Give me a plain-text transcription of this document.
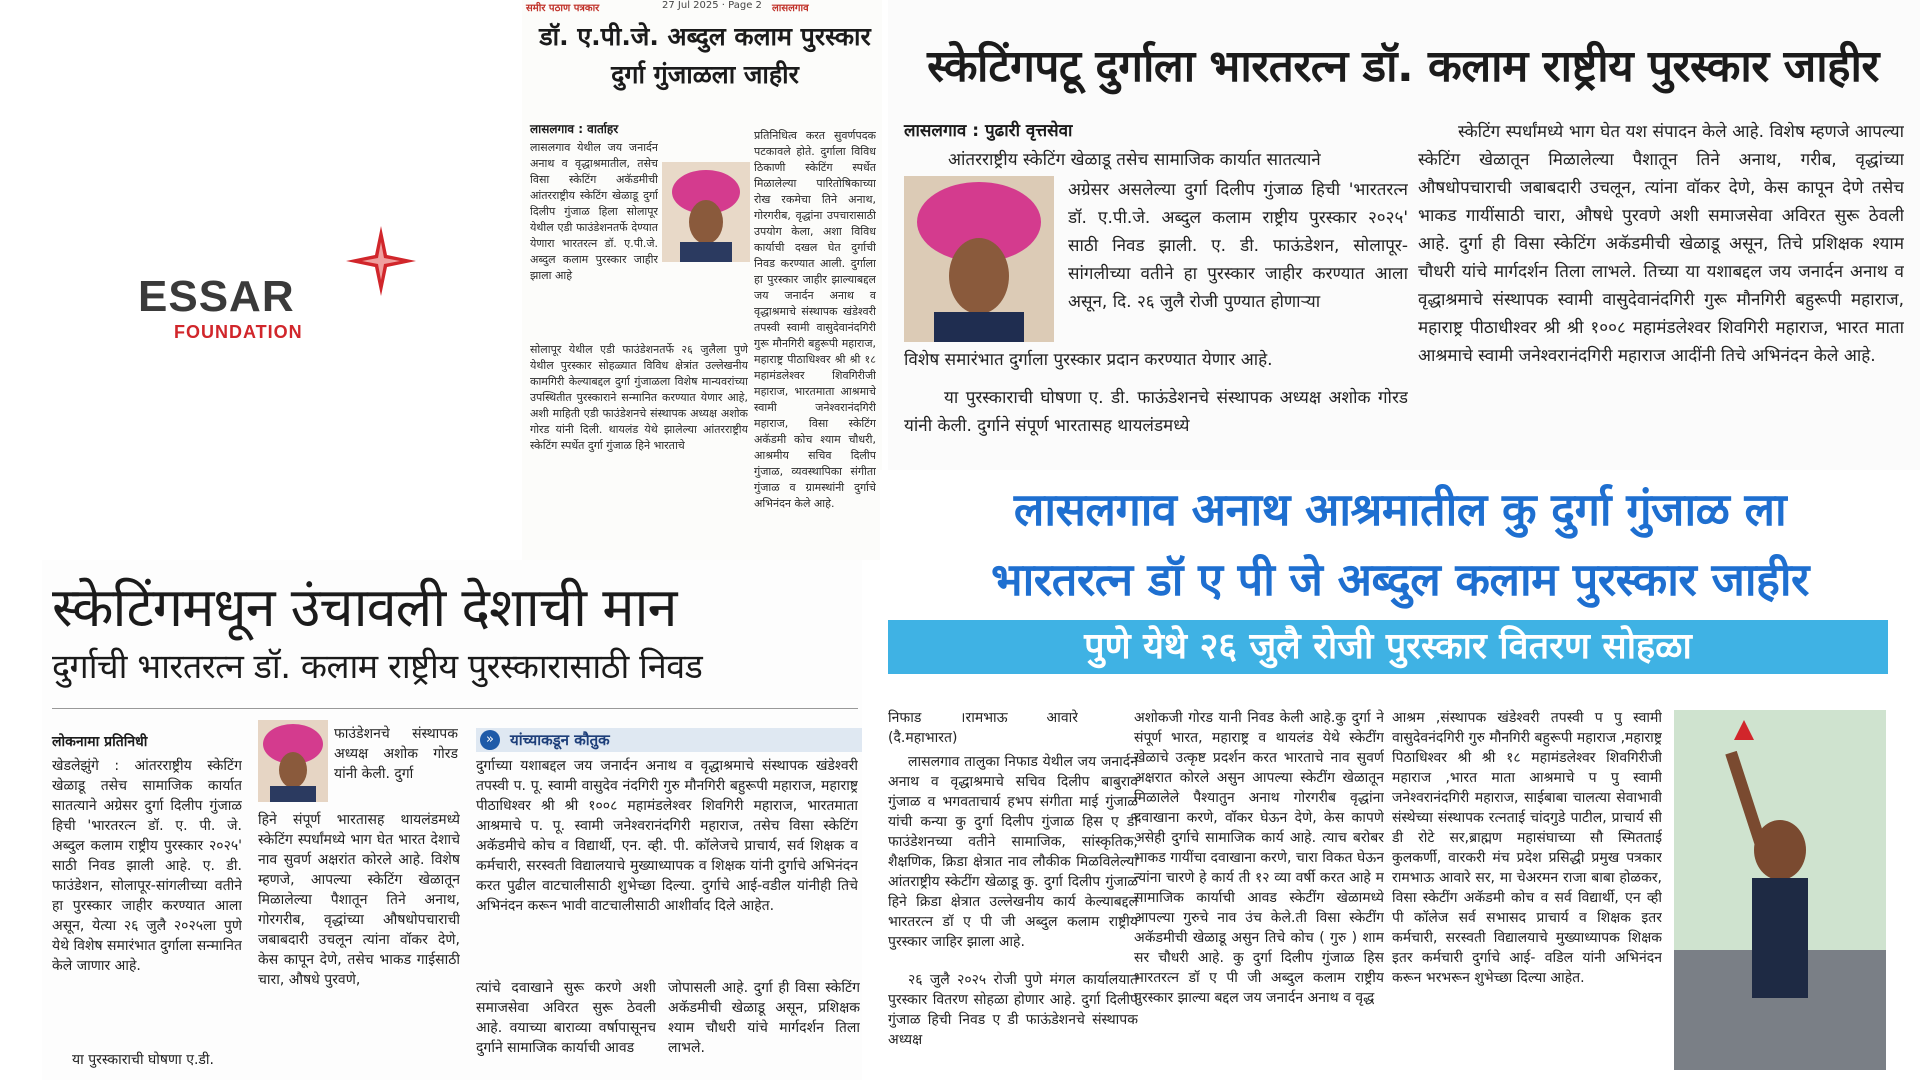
समीर पठाण पत्रकार	27 Jul 2025 · Page 2 लासलगाव
डॉ. ए.पी.जे. अब्दुल कलाम पुरस्कार दुर्गा गुंजाळला जाहीर
लासलगाव : वार्ताहर
लासलगाव येथील जय जनार्दन अनाथ व वृद्धाश्रमातील, तसेच विसा स्केटिंग अकॅडमीची आंतरराष्ट्रीय स्केटिंग खेळाडू दुर्गा दिलीप गुंजाळ हिला सोलापूर येथील एडी फाउंडेशनतर्फे देण्यात येणारा भारतरत्न डॉ. ए.पी.जे. अब्दुल कलाम पुरस्कार जाहीर झाला आहे
सोलापूर येथील एडी फाउंडेशनतर्फे २६ जुलैला पुणे येथील पुरस्कार सोहळ्यात विविध क्षेत्रांत उल्लेखनीय कामगिरी केल्याबद्दल दुर्गा गुंजाळला विशेष मान्यवरांच्या उपस्थितीत पुरस्काराने सन्मानित करण्यात येणार आहे, अशी माहिती एडी फाउंडेशनचे संस्थापक अध्यक्ष अशोक गोरड यांनी दिली. थायलंड येथे झालेल्या आंतरराष्ट्रीय स्केटिंग स्पर्धेत दुर्गा गुंजाळ हिने भारताचे
प्रतिनिधित्व करत सुवर्णपदक पटकावले होते. दुर्गाला विविध ठिकाणी स्केटिंग स्पर्धेत मिळालेल्या पारितोषिकाच्या रोख रकमेचा तिने अनाथ, गोरगरीब, वृद्धांना उपचारासाठी उपयोग केला, अशा विविध कार्याची दखल घेत दुर्गाची निवड करण्यात आली. दुर्गाला हा पुरस्कार जाहीर झाल्याबद्दल जय जनार्दन अनाथ व वृद्धाश्रमाचे संस्थापक खंडेश्वरी तपस्वी स्वामी वासुदेवानंदगिरी गुरू मौनगिरी बहुरूपी महाराज, महाराष्ट्र पीठाधिश्वर श्री श्री १८ महामंडलेश्वर शिवगिरीजी महाराज, भारतमाता आश्रमाचे स्वामी जनेश्वरानंदगिरी महाराज, विसा स्केटिंग अकॅडमी कोच श्याम चौधरी, आश्रमीय सचिव दिलीप गुंजाळ, व्यवस्थापिका संगीता गुंजाळ व ग्रामस्थांनी दुर्गाचे अभिनंदन केले आहे.
ESSAR
FOUNDATION
स्केटिंगपटू दुर्गाला भारतरत्न डॉ. कलाम राष्ट्रीय पुरस्कार जाहीर
लासलगाव : पुढारी वृत्तसेवा
आंतरराष्ट्रीय स्केटिंग खेळाडू तसेच सामाजिक कार्यात सातत्याने
अग्रेसर असलेल्या दुर्गा दिलीप गुंजाळ हिची 'भारतरत्न डॉ. ए.पी.जे. अब्दुल कलाम राष्ट्रीय पुरस्कार २०२५' साठी निवड झाली. ए. डी. फाऊंडेशन, सोलापूर-सांगलीच्या वतीने हा पुरस्कार जाहीर करण्यात आला असून, दि. २६ जुलै रोजी पुण्यात होणाऱ्या
विशेष समारंभात दुर्गाला पुरस्कार प्रदान करण्यात येणार आहे.
या पुरस्काराची घोषणा ए. डी. फाऊंडेशनचे संस्थापक अध्यक्ष अशोक गोरड यांनी केली. दुर्गाने संपूर्ण भारतासह थायलंडमध्ये
स्केटिंग स्पर्धांमध्ये भाग घेत यश संपादन केले आहे. विशेष म्हणजे आपल्या स्केटिंग खेळातून मिळालेल्या पैशातून तिने अनाथ, गरीब, वृद्धांच्या औषधोपचाराची जबाबदारी उचलून, त्यांना वॉकर देणे, केस कापून देणे तसेच भाकड गायींसाठी चारा, औषधे पुरवणे अशी समाजसेवा अविरत सुरू ठेवली आहे. दुर्गा ही विसा स्केटिंग अकॅडमीची खेळाडू असून, तिचे प्रशिक्षक श्याम चौधरी यांचे मार्गदर्शन तिला लाभले. तिच्या या यशाबद्दल जय जनार्दन अनाथ व वृद्धाश्रमाचे संस्थापक स्वामी वासुदेवानंदगिरी गुरू मौनगिरी बहुरूपी महाराज, महाराष्ट्र पीठाधीश्वर श्री श्री १००८ महामंडलेश्वर शिवगिरी महाराज, भारत माता आश्रमाचे स्वामी जनेश्वरानंदगिरी महाराज आदींनी तिचे अभिनंदन केले आहे.
स्केटिंगमधून उंचावली देशाची मान
दुर्गाची भारतरत्न डॉ. कलाम राष्ट्रीय पुरस्कारासाठी निवड
लोकनामा प्रतिनिधी
खेडलेझुंगे : आंतरराष्ट्रीय स्केटिंग खेळाडू तसेच सामाजिक कार्यात सातत्याने अग्रेसर दुर्गा दिलीप गुंजाळ हिची 'भारतरत्न डॉ. ए. पी. जे. अब्दुल कलाम राष्ट्रीय पुरस्कार २०२५' साठी निवड झाली आहे. ए. डी. फाउंडेशन, सोलापूर-सांगलीच्या वतीने हा पुरस्कार जाहीर करण्यात आला असून, येत्या २६ जुलै २०२५ला पुणे येथे विशेष समारंभात दुर्गाला सन्मानित केले जाणार आहे.
या पुरस्काराची घोषणा ए.डी.
फाउंडेशनचे संस्थापक अध्यक्ष अशोक गोरड यांनी केली. दुर्गा
हिने संपूर्ण भारतासह थायलंडमध्ये स्केटिंग स्पर्धांमध्ये भाग घेत भारत देशाचे नाव सुवर्ण अक्षरांत कोरले आहे. विशेष म्हणजे, आपल्या स्केटिंग खेळातून मिळालेल्या पैशातून तिने अनाथ, गोरगरीब, वृद्धांच्या औषधोपचाराची जबाबदारी उचलून त्यांना वॉकर देणे, केस कापून देणे, तसेच भाकड गाईसाठी चारा, औषधे पुरवणे,
»	यांच्याकडून कौतुक
दुर्गाच्या यशाबद्दल जय जनार्दन अनाथ व वृद्धाश्रमाचे संस्थापक खंडेश्वरी तपस्वी प. पू. स्वामी वासुदेव नंदगिरी गुरु मौनगिरी बहुरूपी महाराज, महाराष्ट्र पीठाधिश्वर श्री श्री १००८ महामंडलेश्वर शिवगिरी महाराज, भारतमाता आश्रमाचे प. पू. स्वामी जनेश्वरानंदगिरी महाराज, तसेच विसा स्केटिंग अकॅडमीचे कोच व विद्यार्थी, एन. व्ही. पी. कॉलेजचे प्राचार्य, सर्व शिक्षक व कर्मचारी, सरस्वती विद्यालयाचे मुख्याध्यापक व शिक्षक यांनी दुर्गाचे अभिनंदन करत पुढील वाटचालीसाठी शुभेच्छा दिल्या. दुर्गाचे आई-वडील यांनीही तिचे अभिनंदन करून भावी वाटचालीसाठी आशीर्वाद दिले आहेत.
त्यांचे दवाखाने सुरू करणे अशी समाजसेवा अविरत सुरू ठेवली आहे. वयाच्या बाराव्या वर्षापासूनच दुर्गाने सामाजिक कार्याची आवड
जोपासली आहे. दुर्गा ही विसा स्केटिंग अकॅडमीची खेळाडू असून, प्रशिक्षक श्याम चौधरी यांचे मार्गदर्शन तिला लाभले.
लासलगाव अनाथ आश्रमातील कु दुर्गा गुंजाळ ला
भारतरत्न डॉ ए पी जे अब्दुल कलाम पुरस्कार जाहीर
पुणे येथे २६ जुलै रोजी पुरस्कार वितरण सोहळा
निफाड ।रामभाऊ आवारे (दै.महाभारत)
लासलगाव तालुका निफाड येथील जय जनार्दन अनाथ व वृद्धाश्रमाचे सचिव दिलीप बाबुराव गुंजाळ व भगवताचार्य हभप संगीता माई गुंजाळ यांची कन्या कु दुर्गा दिलीप गुंजाळ हिस ए डी फाउंडेशनच्या वतीने सामाजिक, सांस्कृतिक, शैक्षणिक, क्रिडा क्षेत्रात नाव लौकीक मिळविलेल्या आंतराष्ट्रीय स्केटींग खेळाडू कु. दुर्गा दिलीप गुंजाळ हिने क्रिडा क्षेत्रात उल्लेखनीय कार्य केल्याबद्दल भारतरत्न डॉ ए पी जी अब्दुल कलाम राष्ट्रीय पुरस्कार जाहिर झाला आहे.
२६ जुलै २०२५ रोजी पुणे मंगल कार्यालयात पुरस्कार वितरण सोहळा होणार आहे. दुर्गा दिलीप गुंजाळ हिची निवड ए डी फाऊंडेशनचे संस्थापक अध्यक्ष
अशोकजी गोरड यानी निवड केली आहे.कु दुर्गा ने संपूर्ण भारत, महाराष्ट्र व थायलंड येथे स्केटींग खेळाचे उत्कृष्ट प्रदर्शन करत भारताचे नाव सुवर्ण अक्षरात कोरले असुन आपल्या स्केटींग खेळातून मिळालेले पैश्यातुन अनाथ गोरगरीब वृद्धांना दवाखाना करणे, वॉकर घेऊन देणे, केस कापणे असेही दुर्गाचे सामाजिक कार्य आहे. त्याच बरोबर भाकड गायींचा दवाखाना करणे, चारा विकत घेऊन त्यांना चारणे हे कार्य ती १२ व्या वर्षी करत आहे म सामाजिक कार्याची आवड स्केटींग खेळामध्ये आपल्या गुरुचे नाव उंच केले.ती विसा स्केटींग अकॅडमीची खेळाडू असुन तिचे कोच ( गुरु ) शाम सर चौधरी आहे. कु दुर्गा दिलीप गुंजाळ हिस भारतरत्न डॉ ए पी जी अब्दुल कलाम राष्ट्रीय पुरस्कार झाल्या बद्दल जय जनार्दन अनाथ व वृद्ध
आश्रम ,संस्थापक खंडेश्वरी तपस्वी प पु स्वामी वासुदेवनंदगिरी गुरु मौनगिरी बहुरूपी महाराज ,महाराष्ट्र पिठाधिश्वर श्री श्री १८ महामंडलेश्वर शिवगिरीजी महाराज ,भारत माता आश्रमाचे प पु स्वामी जनेश्वरानंदगिरी महाराज, साईबाबा चालत्या सेवाभावी संस्थेच्या संस्थापक रत्नताई चांदगुडे पाटील, प्राचार्य सी डी रोटे सर,ब्राह्मण महासंघाच्या सौ स्मितताई कुलकर्णी, वारकरी मंच प्रदेश प्रसिद्धी प्रमुख पत्रकार रामभाऊ आवारे सर, मा चेअरमन राजा बाबा होळकर, विसा स्केटींग अकॅडमी कोच व सर्व विद्यार्थी, एन व्ही पी कॉलेज सर्व सभासद प्राचार्य व शिक्षक इतर कर्मचारी, सरस्वती विद्यालयाचे मुख्याध्यापक शिक्षक इतर कर्मचारी दुर्गाचे आई- वडिल यांनी अभिनंदन करून भरभरून शुभेच्छा दिल्या आहेत.
